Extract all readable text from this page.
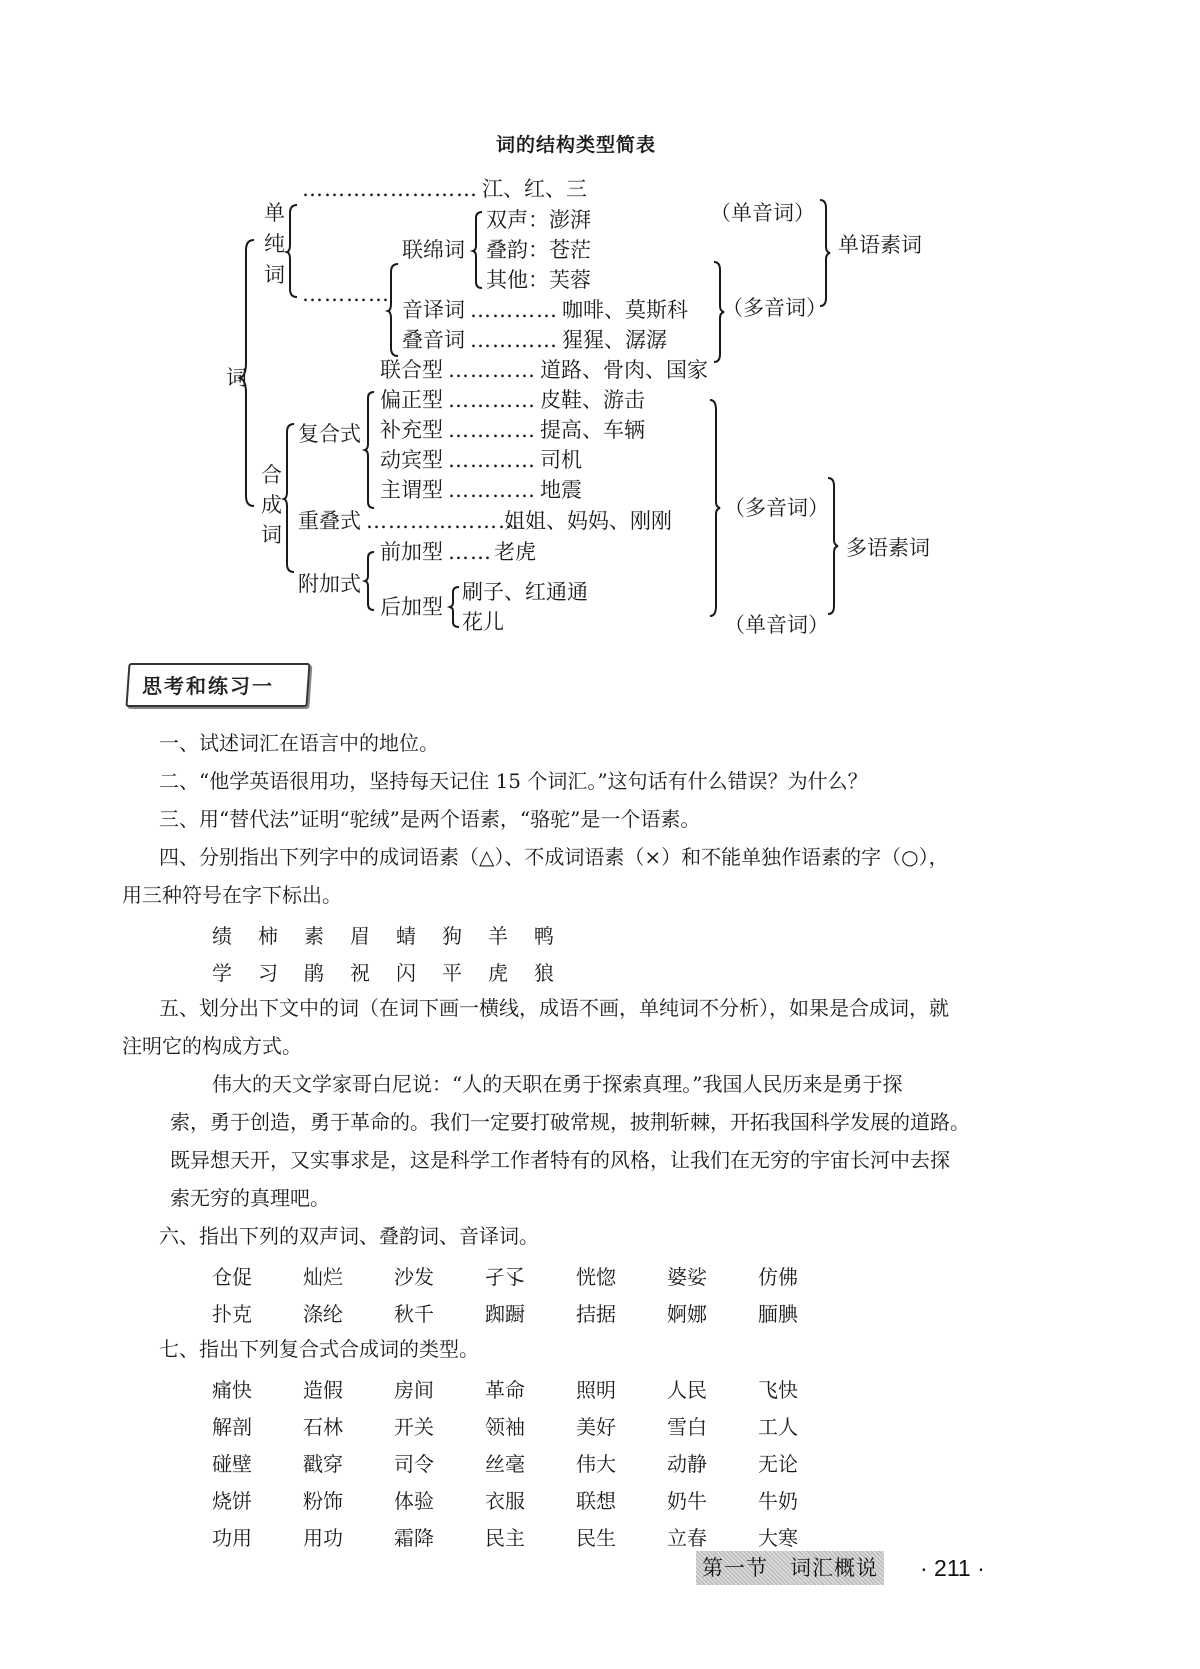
词的结构类型简表
词
单
纯
词
…………………… 江、红、三
…………
联绵词
双声：澎湃
叠韵：苍茫
其他：芙蓉
音译词 ………… 咖啡、莫斯科
叠音词 ………… 猩猩、潺潺
合
成
词
复合式
联合型 ………… 道路、骨肉、国家
偏正型 ………… 皮鞋、游击
补充型 ………… 提高、车辆
动宾型 ………… 司机
主谓型 ………… 地震
重叠式 …………………
姐姐、妈妈、刚刚
附加式
前加型 …… 老虎
后加型
刷子、红通通
花儿
（单音词）
（多音词）
单语素词
（多音词）
多语素词
（单音词）
思考和练习一
一、试述词汇在语言中的地位。
二、“他学英语很用功，坚持每天记住 15 个词汇。”这句话有什么错误？为什么？
三、用“替代法”证明“驼绒”是两个语素，“骆驼”是一个语素。
四、分别指出下列字中的成词语素（△）、不成词语素（×）和不能单独作语素的字（○），
用三种符号在字下标出。
绩	柿	素	眉	蜻	狗	羊	鸭
学	习	鹃	祝	闪	平	虎	狼
五、划分出下文中的词（在词下画一横线，成语不画，单纯词不分析），如果是合成词，就
注明它的构成方式。
伟大的天文学家哥白尼说：“人的天职在勇于探索真理。”我国人民历来是勇于探
索，勇于创造，勇于革命的。我们一定要打破常规，披荆斩棘，开拓我国科学发展的道路。
既异想天开，又实事求是，这是科学工作者特有的风格，让我们在无穷的宇宙长河中去探
索无穷的真理吧。
六、指出下列的双声词、叠韵词、音译词。
仓促	灿烂	沙发	孑孓	恍惚	婆娑	仿佛
扑克	涤纶	秋千	踟蹰	拮据	婀娜	腼腆
七、指出下列复合式合成词的类型。
痛快	造假	房间	革命	照明	人民	飞快
解剖	石林	开关	领袖	美好	雪白	工人
碰壁	戳穿	司令	丝毫	伟大	动静	无论
烧饼	粉饰	体验	衣服	联想	奶牛	牛奶
功用	用功	霜降	民主	民生	立春	大寒
第一节　词汇概说 · 211 ·
